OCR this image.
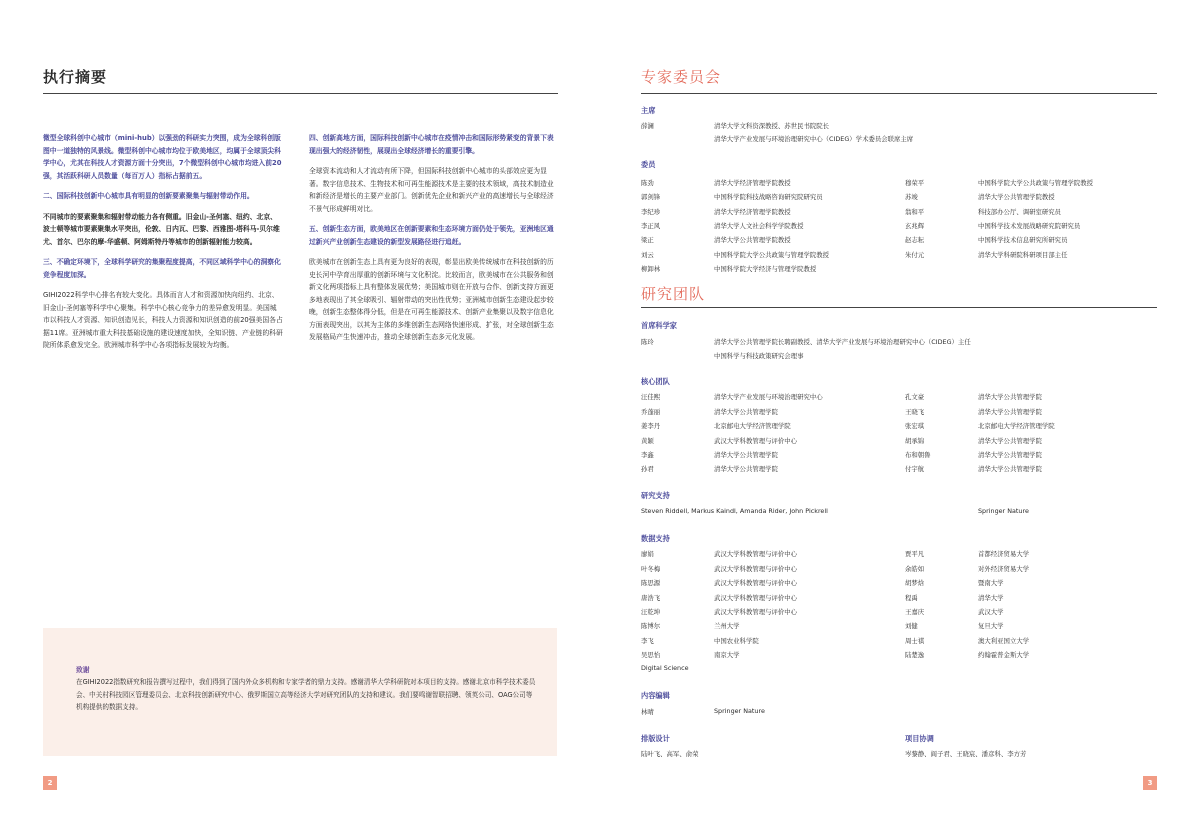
执行摘要

微型全球科创中心城市（mini-hub）以强劲的科研实力突围，成为全球科创版图中一道独特的风景线。微型科创中心城市均位于欧美地区，均属于全球顶尖科学中心，尤其在科技人才资源方面十分突出，7个微型科创中心城市均进入前20强，其活跃科研人员数量（每百万人）指标占据前五。

二、国际科技创新中心城市具有明显的创新要素聚集与辐射带动作用。

不同城市的要素聚集和辐射带动能力各有侧重。旧金山-圣何塞、纽约、北京、波士顿等城市要素聚集水平突出，伦敦、日内瓦、巴黎、西雅图-塔科马-贝尔维尤、首尔、巴尔的摩-华盛顿、阿姆斯特丹等城市的创新辐射能力较高。

三、不确定环境下，全球科学研究的集聚程度提高，不同区域科学中心的洞察化竞争程度加深。

GIHI2022科学中心排名有较大变化。具体而言人才和资源加快向纽约、北京、旧金山-圣何塞等科学中心聚集。科学中心核心竞争力的差异愈发明显。美国城市以科技人才资源、知识创造见长，科技人力资源和知识创造的前20强美国各占据11席。亚洲城市重大科技基础设施的建设速度加快，全知识链、产业链的科研院所体系愈发完全。欧洲城市科学中心各项指标发展较为均衡。

四、创新高地方面，国际科技创新中心城市在疫情冲击和国际形势紧变的背景下表现出强大的经济韧性，展现出全球经济增长的重要引擎。

全球资本流动和人才流动有所下降，但国际科技创新中心城市的头部效应更为显著。数字信息技术、生物技术和可再生能源技术是主要的技术领域，高技术制造业和新经济是增长的主要产业部门。创新优先企业和新兴产业的高速增长与全球经济不景气形成鲜明对比。

五、创新生态方面，欧美地区在创新要素和生态环境方面仍处于领先，亚洲地区通过新兴产业创新生态建设的新型发展路径进行追赶。

欧美城市在创新生态上具有更为良好的表现，彰显出欧美传统城市在科技创新的历史长河中孕育出厚重的创新环境与文化积淀。比较而言，欧美城市在公共服务和创新文化两项指标上具有整体发展优势；美国城市则在开放与合作、创新支持方面更多地表现出了其全球吸引、辐射带动的突出性优势；亚洲城市创新生态建设起步较晚，创新生态整体得分低，但是在可再生能源技术、创新产业集聚以及数字信息化方面表现突出，以其为主体的多维创新生态网络快速形成、扩张，对全球创新生态发展格局产生快速冲击，推动全球创新生态多元化发展。

致谢
在GIHI2022指数研究和报告撰写过程中，我们得到了国内外众多机构和专家学者的鼎力支持。感谢清华大学科研院对本项目的支持。感谢北京市科学技术委员会、中关村科技园区管理委员会、北京科技创新研究中心、俄罗斯国立高等经济大学对研究团队的支持和建议。我们要鸣谢智联招聘、领英公司、OAG公司等机构提供的数据支持。
2
专家委员会
主席
薛澜	清华大学文科资深教授、苏世民书院院长
清华大学产业发展与环境治理研究中心（CIDEG）学术委员会联席主席
委员
陈劲	清华大学经济管理学院教授	穆荣平	中国科学院大学公共政策与管理学院教授
郭剑锋	中国科学院科技战略咨询研究院研究员	苏竣	清华大学公共管理学院教授
李纪珍	清华大学经济管理学院教授	翁和平	科技部办公厅、调研室研究员
李正风	清华大学人文社会科学学院教授	玄兆辉	中国科学技术发展战略研究院研究员
梁正	清华大学公共管理学院教授	赵志耘	中国科学技术信息研究所研究员
刘云	中国科学院大学公共政策与管理学院教授	朱付元	清华大学科研院科研项目部主任
柳卸林	中国科学院大学经济与管理学院教授
研究团队
首席科学家
陈玲	清华大学公共管理学院长聘副教授、清华大学产业发展与环境治理研究中心（CIDEG）主任
中国科学与科技政策研究会理事
核心团队
汪佳熙	清华大学产业发展与环境治理研究中心	孔文豪	清华大学公共管理学院
乔蓬丽	清华大学公共管理学院	王晓飞	清华大学公共管理学院
姜李丹	北京邮电大学经济管理学院	张宏琪	北京邮电大学经济管理学院
黄颖	武汉大学科教管理与评价中心	胡承锦	清华大学公共管理学院
李鑫	清华大学公共管理学院	布和朝鲁	清华大学公共管理学院
孙君	清华大学公共管理学院	付宇航	清华大学公共管理学院
研究支持
Steven Riddell, Markus Kaindl, Amanda Rider, John Pickrell	Springer Nature
数据支持
廖娟	武汉大学科教管理与评价中心	贾平凡	首都经济贸易大学
叶冬梅	武汉大学科教管理与评价中心	余皓如	对外经济贸易大学
陈思源	武汉大学科教管理与评价中心	胡梦焓	暨南大学
唐浩飞	武汉大学科教管理与评价中心	程禹	清华大学
汪乾坤	武汉大学科教管理与评价中心	王嘉庆	武汉大学
陈博尔	兰州大学	刘健	复旦大学
李飞	中国农业科学院	周士祺	澳大利亚国立大学
吴思怡	南京大学	陆楚逸	约翰霍普金斯大学
Digital Science
内容编辑
林晴	Springer Nature
排版设计
陆叶飞、高军、俞荣
项目协调
岑黎静、阎子君、王晓宸、潘彦科、李方芳
3
